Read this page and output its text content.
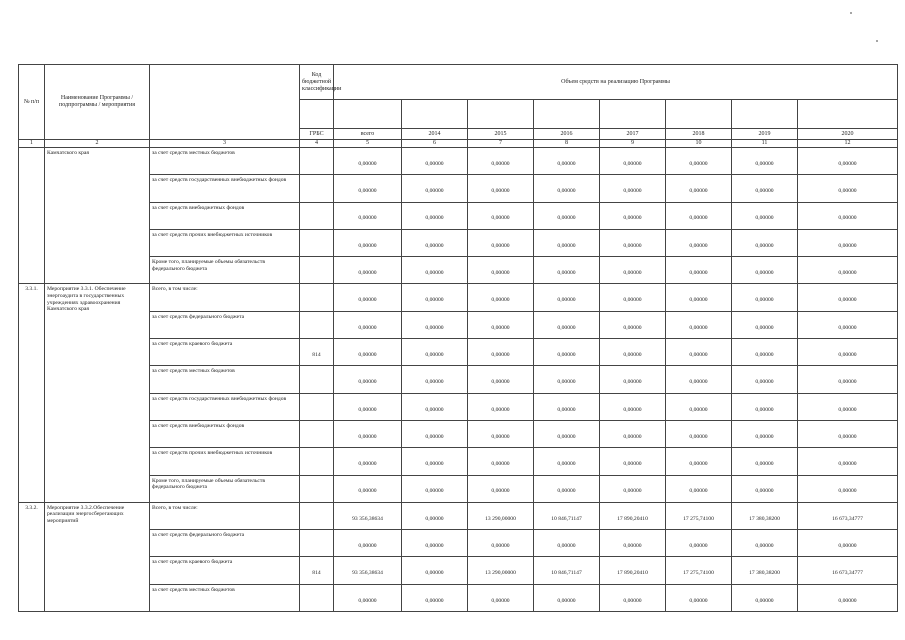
№ п/п	Наименование Программы / подпрограммы / мероприятия		Код бюджетной классификации	Объем средств на реализацию Программы							

			ГРБС	всего	2014	2015	2016	2017	2018	2019	2020
1	2	3	4	5	6	7	8	9	10	11	12
	Камчатского края	за счет средств местных бюджетов		0,00000	0,00000	0,00000	0,00000	0,00000	0,00000	0,00000	0,00000
		за счет средств государственных внебюджетных фондов		0,00000	0,00000	0,00000	0,00000	0,00000	0,00000	0,00000	0,00000
		за счет средств внебюджетных фондов		0,00000	0,00000	0,00000	0,00000	0,00000	0,00000	0,00000	0,00000
		за счет средств прочих внебюджетных источников		0,00000	0,00000	0,00000	0,00000	0,00000	0,00000	0,00000	0,00000
		Кроме того, планируемые объемы обязательств федерального бюджета		0,00000	0,00000	0,00000	0,00000	0,00000	0,00000	0,00000	0,00000
3.3.1.	Мероприятие 3.3.1. Обеспечение энергоаудита в государственных учреждениях здравоохранения Камчатского края	Всего, в том числе:		0,00000	0,00000	0,00000	0,00000	0,00000	0,00000	0,00000	0,00000
		за счет средств федерального бюджета		0,00000	0,00000	0,00000	0,00000	0,00000	0,00000	0,00000	0,00000
		за счет средств краевого бюджета	814	0,00000	0,00000	0,00000	0,00000	0,00000	0,00000	0,00000	0,00000
		за счет средств местных бюджетов		0,00000	0,00000	0,00000	0,00000	0,00000	0,00000	0,00000	0,00000
		за счет средств государственных внебюджетных фондов		0,00000	0,00000	0,00000	0,00000	0,00000	0,00000	0,00000	0,00000
		за счет средств внебюджетных фондов		0,00000	0,00000	0,00000	0,00000	0,00000	0,00000	0,00000	0,00000
		за счет средств прочих внебюджетных источников		0,00000	0,00000	0,00000	0,00000	0,00000	0,00000	0,00000	0,00000
		Кроме того, планируемые объемы обязательств федерального бюджета		0,00000	0,00000	0,00000	0,00000	0,00000	0,00000	0,00000	0,00000
3.3.2.	Мероприятие 3.3.2.Обеспечение реализации энергосберегающих мероприятий	Всего, в том числе:		93 356,38634	0,00000	13 290,00000	10 846,71147	17 890,20410	17 275,74100	17 380,38200	16 673,34777
		за счет средств федерального бюджета		0,00000	0,00000	0,00000	0,00000	0,00000	0,00000	0,00000	0,00000
		за счет средств краевого бюджета	814	93 356,38634	0,00000	13 290,00000	10 846,71147	17 890,20410	17 275,74100	17 380,38200	16 673,34777
		за счет средств местных бюджетов		0,00000	0,00000	0,00000	0,00000	0,00000	0,00000	0,00000	0,00000
